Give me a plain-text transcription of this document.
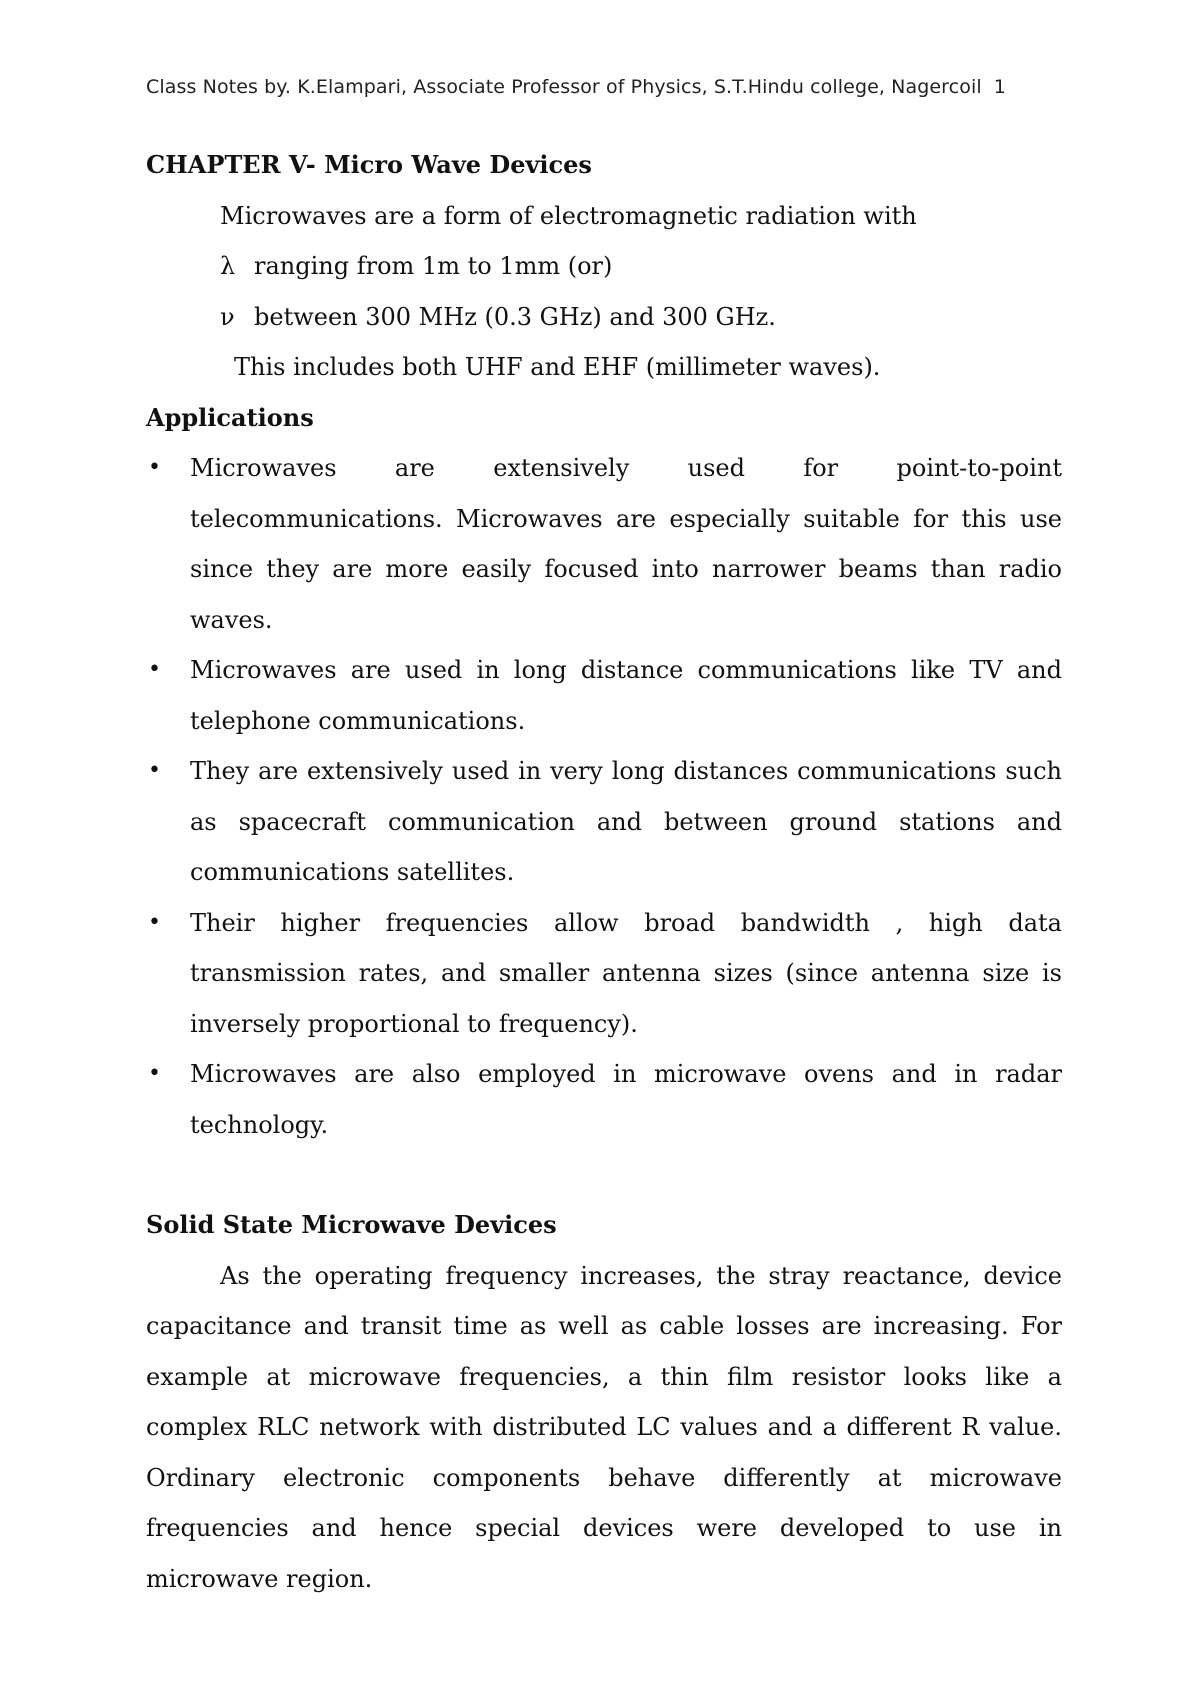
Class Notes by. K.Elampari, Associate Professor of Physics, S.T.Hindu college, Nagercoil 1

CHAPTER V- Micro Wave Devices

Microwaves are a form of electromagnetic radiation with

λ ranging from 1m to 1mm (or)

ν between 300 MHz (0.3 GHz) and 300 GHz.

This includes both UHF and EHF (millimeter waves).

Applications

• Microwaves are extensively used for point-to-point telecommunications. Microwaves are especially suitable for this use since they are more easily focused into narrower beams than radio waves.
• Microwaves are used in long distance communications like TV and telephone communications.
• They are extensively used in very long distances communications such as spacecraft communication and between ground stations and communications satellites.
• Their higher frequencies allow broad bandwidth , high data transmission rates, and smaller antenna sizes (since antenna size is inversely proportional to frequency).
• Microwaves are also employed in microwave ovens and in radar technology.

Solid State Microwave Devices

As the operating frequency increases, the stray reactance, device capacitance and transit time as well as cable losses are increasing. For example at microwave frequencies, a thin film resistor looks like a complex RLC network with distributed LC values and a different R value. Ordinary electronic components behave differently at microwave frequencies and hence special devices were developed to use in microwave region.
